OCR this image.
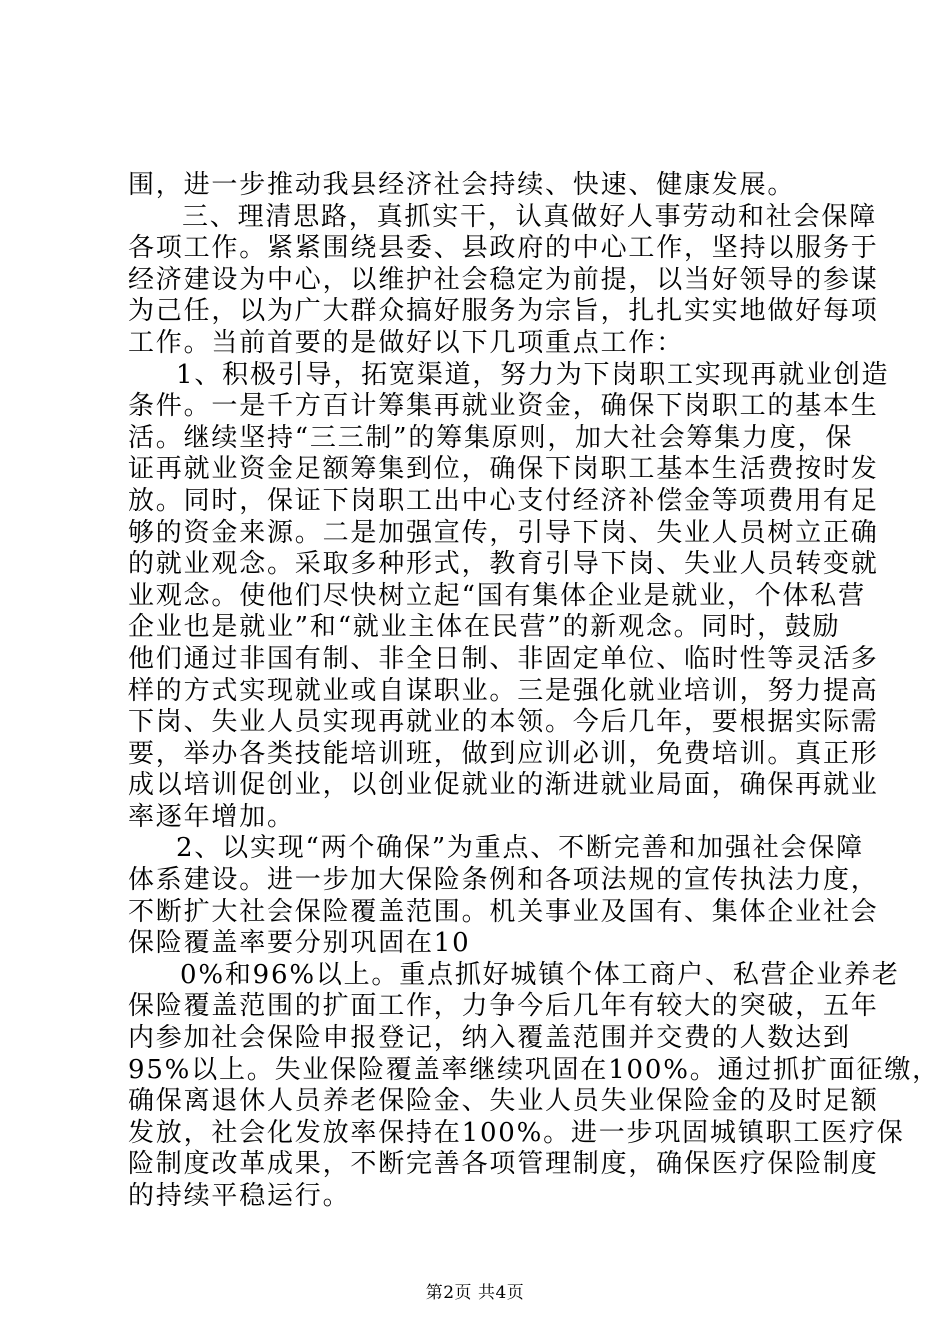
围，进一步推动我县经济社会持续、快速、健康发展。
三、理清思路，真抓实干，认真做好人事劳动和社会保障
各项工作。紧紧围绕县委、县政府的中心工作，坚持以服务于
经济建设为中心，以维护社会稳定为前提，以当好领导的参谋
为己任，以为广大群众搞好服务为宗旨，扎扎实实地做好每项
工作。当前首要的是做好以下几项重点工作：
1、积极引导，拓宽渠道，努力为下岗职工实现再就业创造
条件。一是千方百计筹集再就业资金，确保下岗职工的基本生
活。继续坚持“三三制”的筹集原则，加大社会筹集力度，保
证再就业资金足额筹集到位，确保下岗职工基本生活费按时发
放。同时，保证下岗职工出中心支付经济补偿金等项费用有足
够的资金来源。二是加强宣传，引导下岗、失业人员树立正确
的就业观念。采取多种形式，教育引导下岗、失业人员转变就
业观念。使他们尽快树立起“国有集体企业是就业，个体私营
企业也是就业”和“就业主体在民营”的新观念。同时，鼓励
他们通过非国有制、非全日制、非固定单位、临时性等灵活多
样的方式实现就业或自谋职业。三是强化就业培训，努力提高
下岗、失业人员实现再就业的本领。今后几年，要根据实际需
要，举办各类技能培训班，做到应训必训，免费培训。真正形
成以培训促创业，以创业促就业的渐进就业局面，确保再就业
率逐年增加。
2、以实现“两个确保”为重点、不断完善和加强社会保障
体系建设。进一步加大保险条例和各项法规的宣传执法力度，
不断扩大社会保险覆盖范围。机关事业及国有、集体企业社会
保险覆盖率要分别巩固在10
0%和96%以上。重点抓好城镇个体工商户、私营企业养老
保险覆盖范围的扩面工作，力争今后几年有较大的突破，五年
内参加社会保险申报登记，纳入覆盖范围并交费的人数达到
95%以上。失业保险覆盖率继续巩固在100%。通过抓扩面征缴，
确保离退休人员养老保险金、失业人员失业保险金的及时足额
发放，社会化发放率保持在100%。进一步巩固城镇职工医疗保
险制度改革成果，不断完善各项管理制度，确保医疗保险制度
的持续平稳运行。
第2页 共4页
